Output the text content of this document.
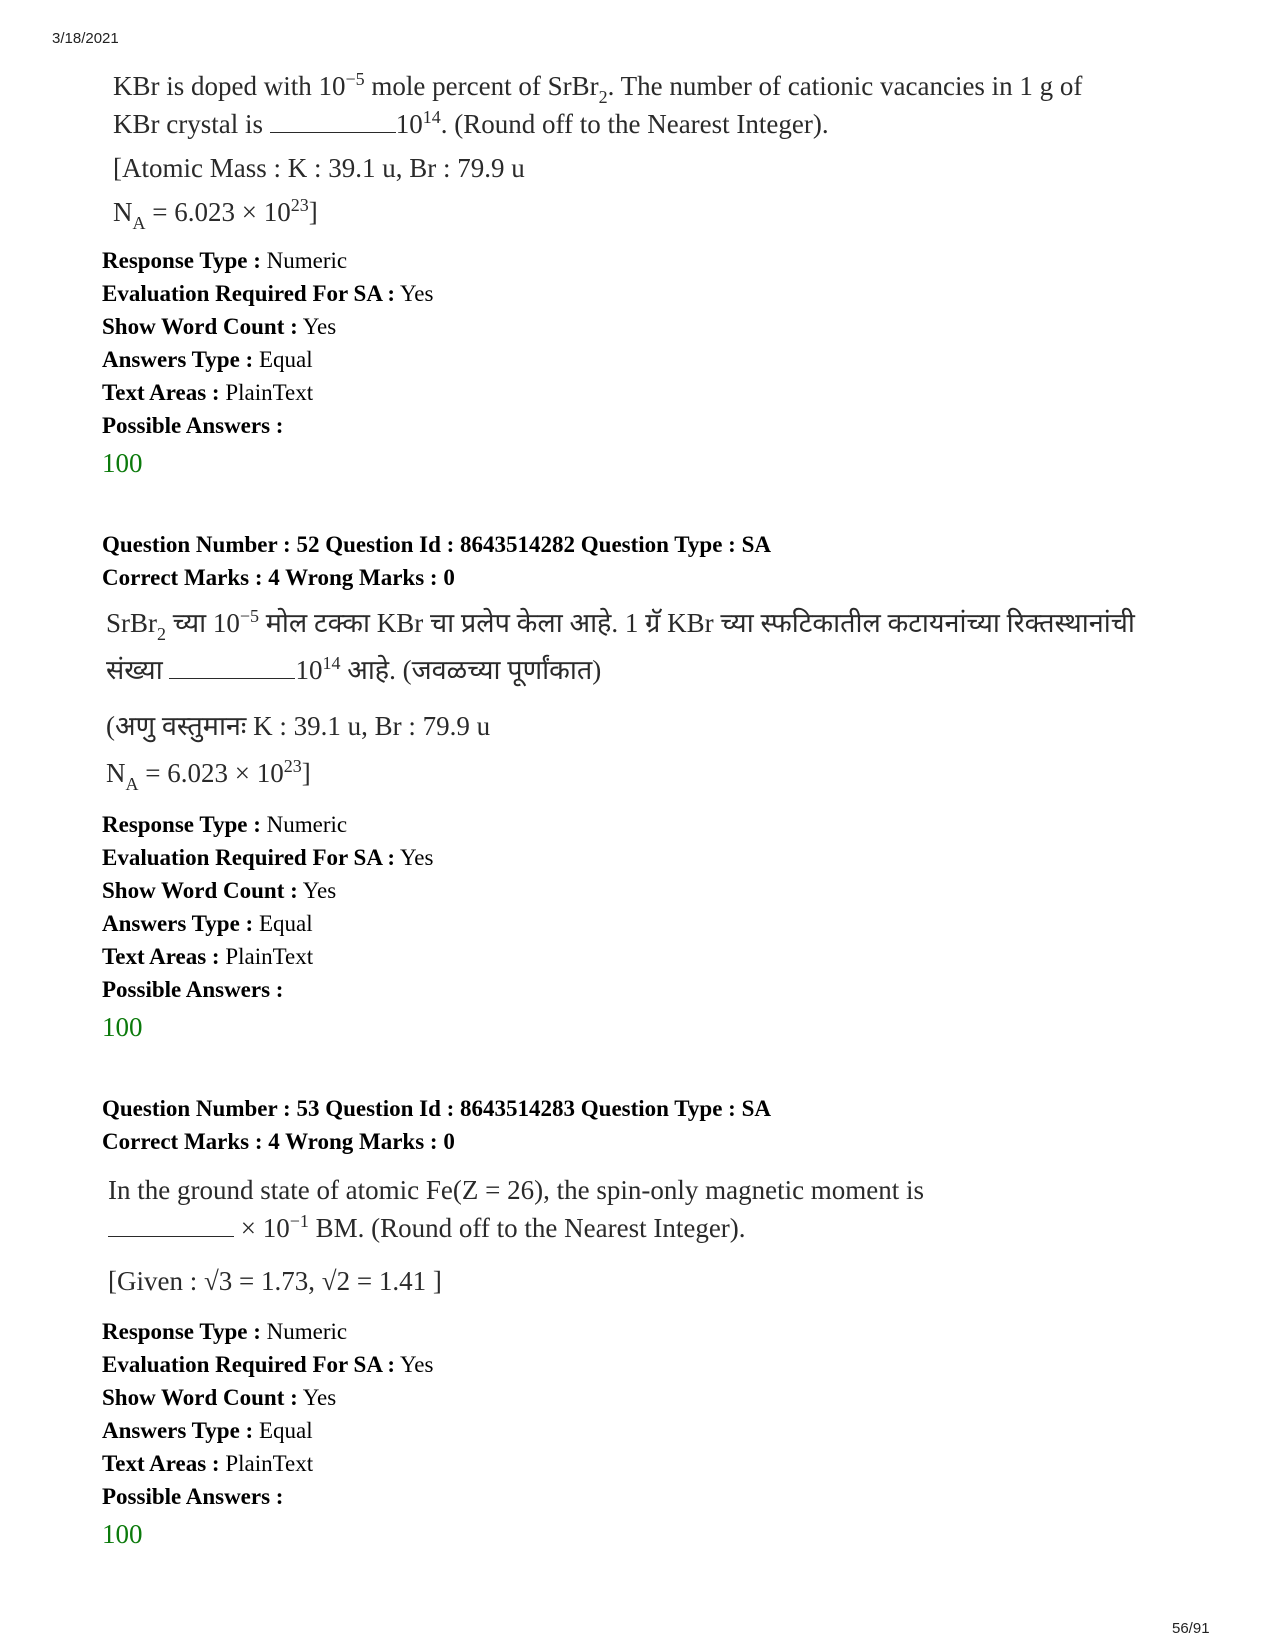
3/18/2021
KBr is doped with $10^{-5}$ mole percent of SrBr$_2$. The number of cationic vacancies in 1 g of
KBr crystal is	$10^{14}$. (Round off to the Nearest Integer).
[Atomic Mass : K : 39.1 u, Br : 79.9 u
$N_A = 6.023 \times 10^{23}$]
Response Type : Numeric
Evaluation Required For SA : Yes
Show Word Count : Yes
Answers Type : Equal
Text Areas : PlainText
Possible Answers :
100
Question Number : 52 Question Id : 8643514282 Question Type : SA
Correct Marks : 4 Wrong Marks : 0
SrBr$_2$ च्या $10^{-5}$ मोल टक्का KBr चा प्रलेप केला आहे. 1 ग्रॅ KBr च्या स्फटिकातील कटायनांच्या रिक्तस्थानांची
संख्या	$10^{14}$ आहे. (जवळच्या पूर्णांकात)
(अणु वस्तुमानः K : 39.1 u, Br : 79.9 u
$N_A = 6.023 \times 10^{23}$]
Response Type : Numeric
Evaluation Required For SA : Yes
Show Word Count : Yes
Answers Type : Equal
Text Areas : PlainText
Possible Answers :
100
Question Number : 53 Question Id : 8643514283 Question Type : SA
Correct Marks : 4 Wrong Marks : 0
In the ground state of atomic Fe(Z = 26), the spin-only magnetic moment is
× $10^{-1}$ BM. (Round off to the Nearest Integer).
[Given : √3 = 1.73, √2 = 1.41 ]
Response Type : Numeric
Evaluation Required For SA : Yes
Show Word Count : Yes
Answers Type : Equal
Text Areas : PlainText
Possible Answers :
100
56/91
